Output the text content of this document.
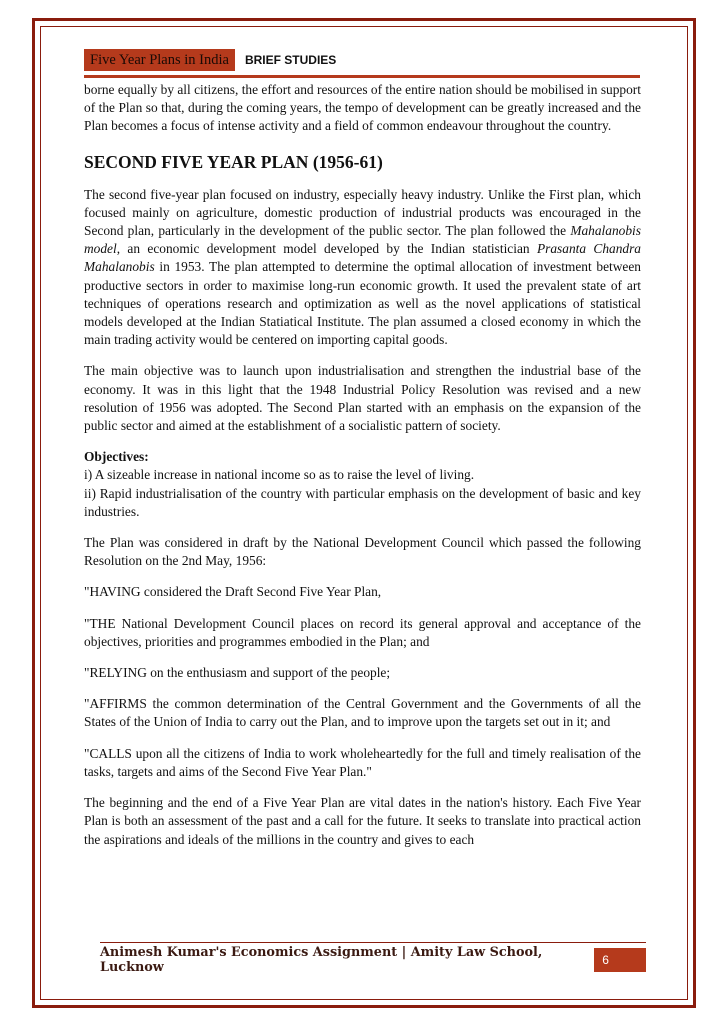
Five Year Plans in India	BRIEF STUDIES

borne equally by all citizens, the effort and resources of the entire nation should be mobilised in support of the Plan so that, during the coming years, the tempo of development can be greatly increased and the Plan becomes a focus of intense activity and a field of common endeavour throughout the country.

SECOND FIVE YEAR PLAN (1956-61)

The second five-year plan focused on industry, especially heavy industry. Unlike the First plan, which focused mainly on agriculture, domestic production of industrial products was encouraged in the Second plan, particularly in the development of the public sector. The plan followed the Mahalanobis model, an economic development model developed by the Indian statistician Prasanta Chandra Mahalanobis in 1953. The plan attempted to determine the optimal allocation of investment between productive sectors in order to maximise long-run economic growth. It used the prevalent state of art techniques of operations research and optimization as well as the novel applications of statistical models developed at the Indian Statiatical Institute. The plan assumed a closed economy in which the main trading activity would be centered on importing capital goods.

The main objective was to launch upon industrialisation and strengthen the industrial base of the economy. It was in this light that the 1948 Industrial Policy Resolution was revised and a new resolution of 1956 was adopted. The Second Plan started with an emphasis on the expansion of the public sector and aimed at the establishment of a socialistic pattern of society.

Objectives:

i) A sizeable increase in national income so as to raise the level of living.

ii) Rapid industrialisation of the country with particular emphasis on the development of basic and key industries.

The Plan was considered in draft by the National Development Council which passed the following Resolution on the 2nd May, 1956:

"HAVING considered the Draft Second Five Year Plan,

"THE National Development Council places on record its general approval and acceptance of the objectives, priorities and programmes embodied in the Plan; and

"RELYING on the enthusiasm and support of the people;

"AFFIRMS the common determination of the Central Government and the Governments of all the States of the Union of India to carry out the Plan, and to improve upon the targets set out in it; and

"CALLS upon all the citizens of India to work wholeheartedly for the full and timely realisation of the tasks, targets and aims of the Second Five Year Plan."

The beginning and the end of a Five Year Plan are vital dates in the nation's history. Each Five Year Plan is both an assessment of the past and a call for the future. It seeks to translate into practical action the aspirations and ideals of the millions in the country and gives to each

Animesh Kumar's Economics Assignment | Amity Law School, Lucknow	6
